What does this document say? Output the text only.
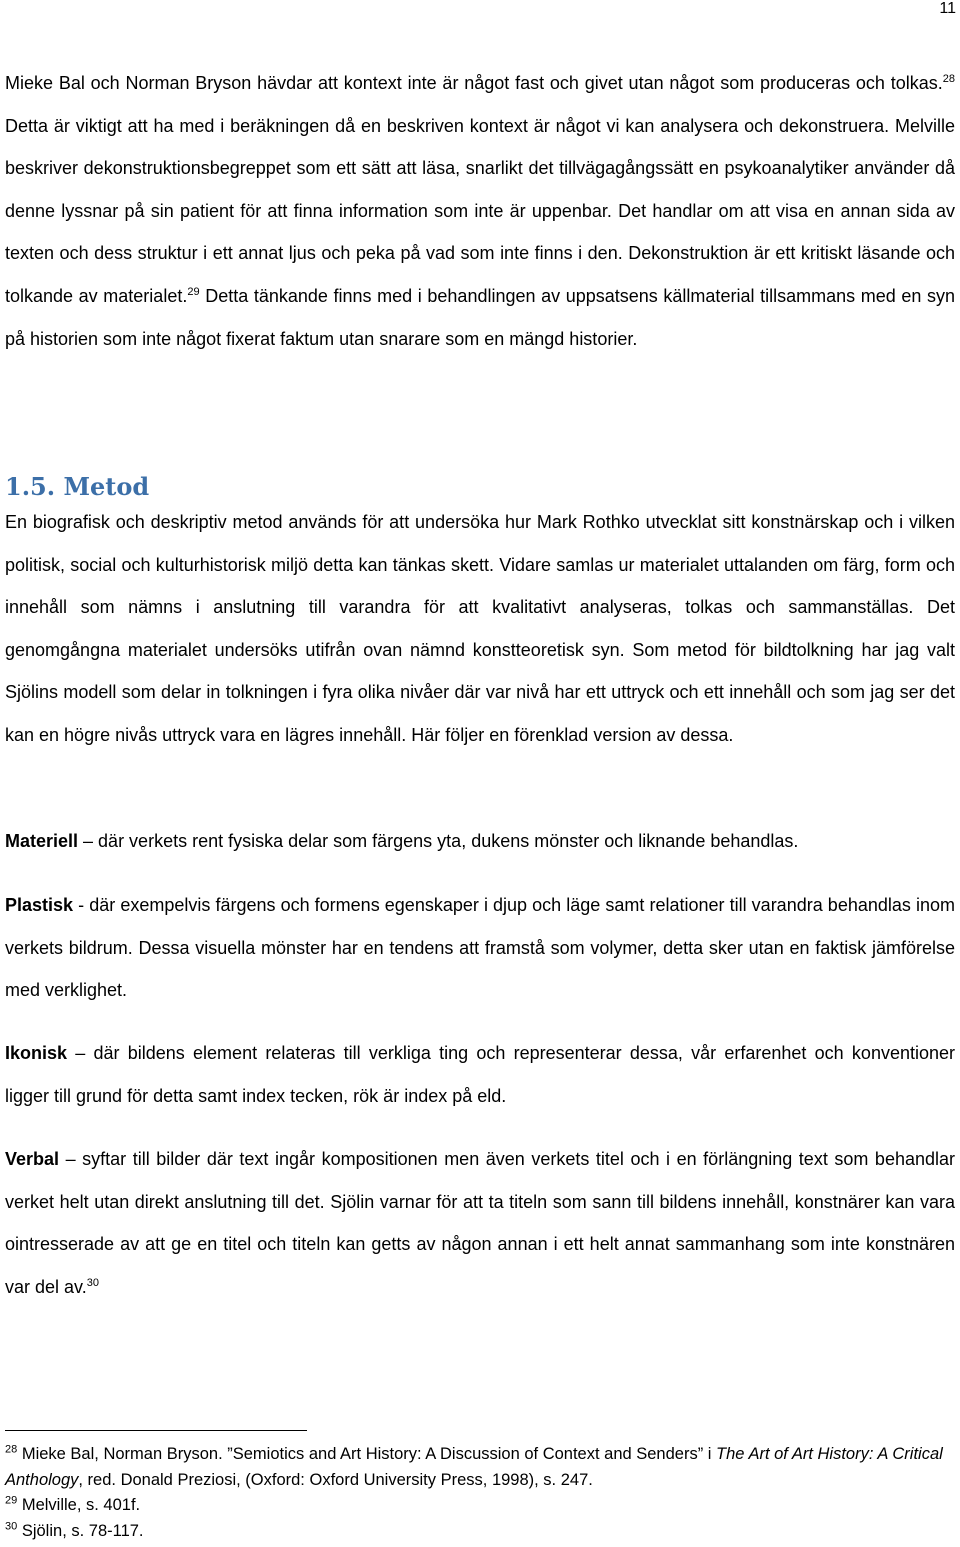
11

Mieke Bal och Norman Bryson hävdar att kontext inte är något fast och givet utan något som produceras och tolkas.$^{28}$ Detta är viktigt att ha med i beräkningen då en beskriven kontext är något vi kan analysera och dekonstruera. Melville beskriver dekonstruktionsbegreppet som ett sätt att läsa, snarlikt det tillvägagångssätt en psykoanalytiker använder då denne lyssnar på sin patient för att finna information som inte är uppenbar. Det handlar om att visa en annan sida av texten och dess struktur i ett annat ljus och peka på vad som inte finns i den. Dekonstruktion är ett kritiskt läsande och tolkande av materialet.$^{29}$ Detta tänkande finns med i behandlingen av uppsatsens källmaterial tillsammans med en syn på historien som inte något fixerat faktum utan snarare som en mängd historier.

1.5. Metod

En biografisk och deskriptiv metod används för att undersöka hur Mark Rothko utvecklat sitt konstnärskap och i vilken politisk, social och kulturhistorisk miljö detta kan tänkas skett. Vidare samlas ur materialet uttalanden om färg, form och innehåll som nämns i anslutning till varandra för att kvalitativt analyseras, tolkas och sammanställas. Det genomgångna materialet undersöks utifrån ovan nämnd konstteoretisk syn. Som metod för bildtolkning har jag valt Sjölins modell som delar in tolkningen i fyra olika nivåer där var nivå har ett uttryck och ett innehåll och som jag ser det kan en högre nivås uttryck vara en lägres innehåll. Här följer en förenklad version av dessa.

Materiell – där verkets rent fysiska delar som färgens yta, dukens mönster och liknande behandlas.

Plastisk - där exempelvis färgens och formens egenskaper i djup och läge samt relationer till varandra behandlas inom verkets bildrum. Dessa visuella mönster har en tendens att framstå som volymer, detta sker utan en faktisk jämförelse med verklighet.

Ikonisk – där bildens element relateras till verkliga ting och representerar dessa, vår erfarenhet och konventioner ligger till grund för detta samt index tecken, rök är index på eld.

Verbal – syftar till bilder där text ingår kompositionen men även verkets titel och i en förlängning text som behandlar verket helt utan direkt anslutning till det. Sjölin varnar för att ta titeln som sann till bildens innehåll, konstnärer kan vara ointresserade av att ge en titel och titeln kan getts av någon annan i ett helt annat sammanhang som inte konstnären var del av.$^{30}$

$^{28}$ Mieke Bal, Norman Bryson. ”Semiotics and Art History: A Discussion of Context and Senders” i The Art of Art History: A Critical Anthology, red. Donald Preziosi, (Oxford: Oxford University Press, 1998), s. 247.

$^{29}$ Melville, s. 401f.

$^{30}$ Sjölin, s. 78-117.
